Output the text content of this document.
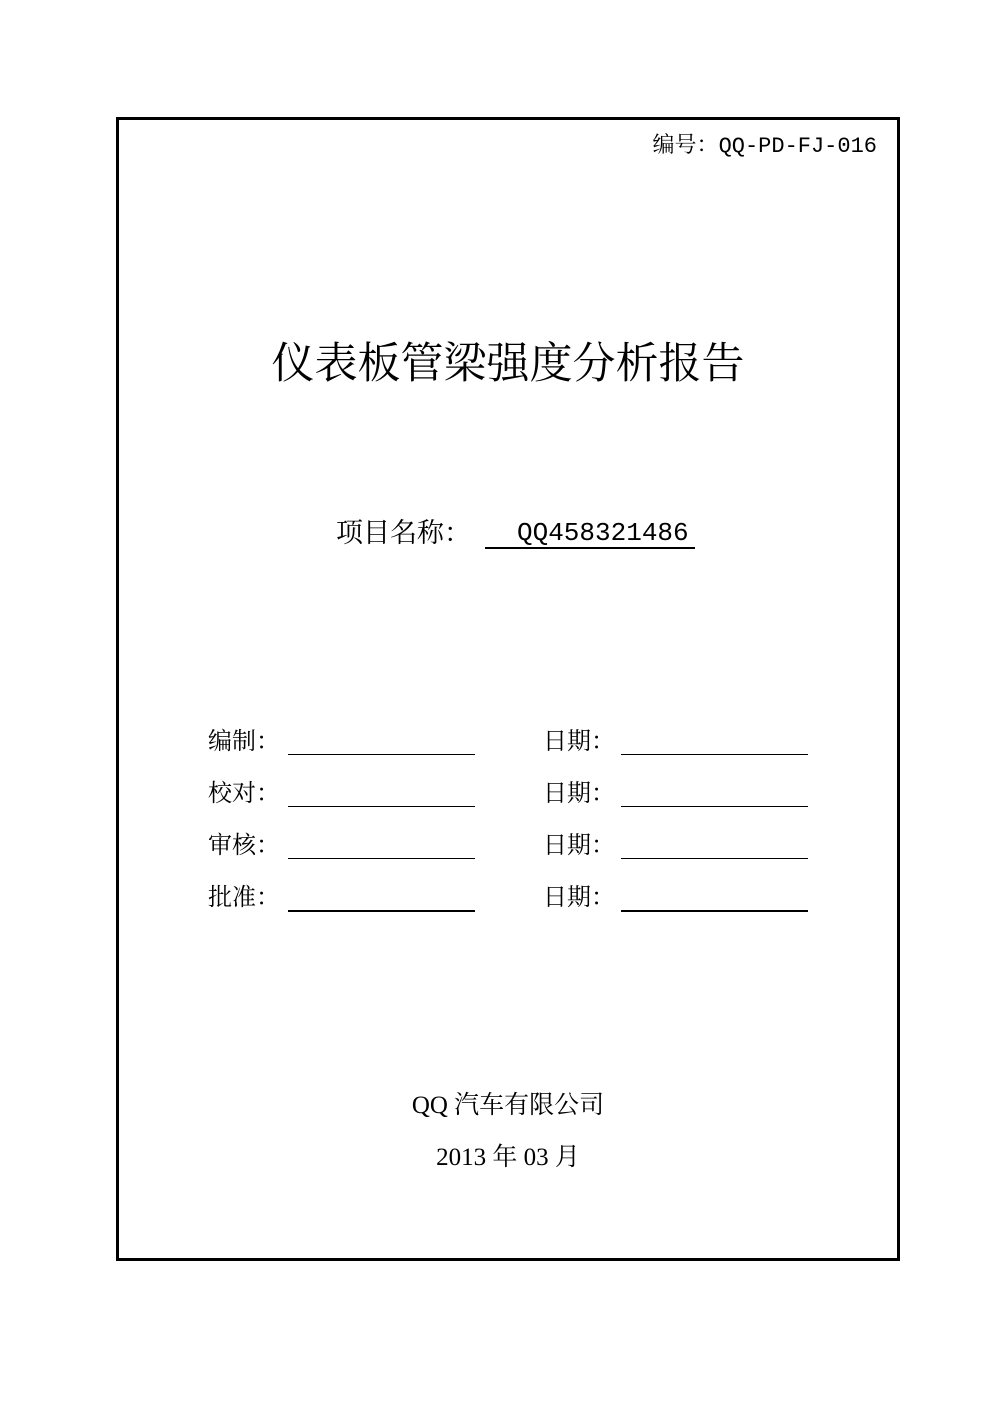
编号：QQ-PD-FJ-016
仪表板管梁强度分析报告
项目名称：	QQ458321486
编制：	日期：
校对：	日期：
审核：	日期：
批准：	日期：
QQ 汽车有限公司
2013 年 03 月
